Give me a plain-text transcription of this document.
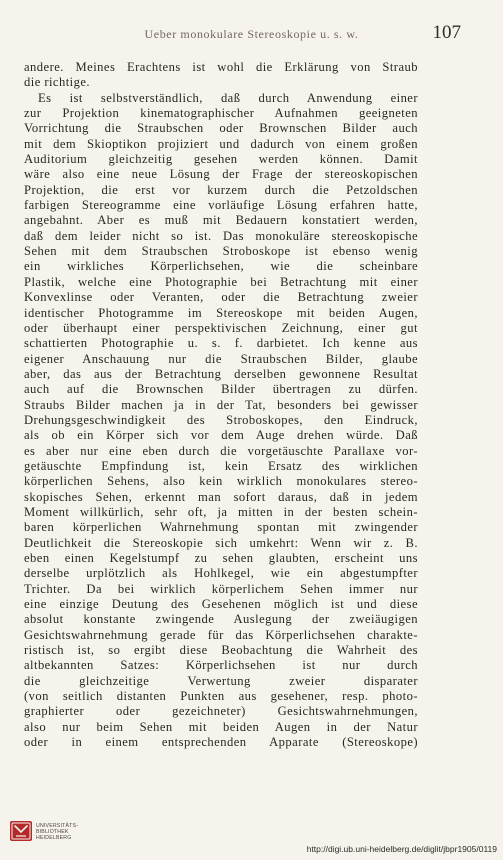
Ueber monokulare Stereoskopie u. s. w.	107
andere. Meines Erachtens ist wohl die Erklärung von Straub
die richtige.
Es ist selbstverständlich, daß durch Anwendung einer
zur Projektion kinematographischer Aufnahmen geeigneten
Vorrichtung die Straubschen oder Brownschen Bilder auch
mit dem Skioptikon projiziert und dadurch von einem großen
Auditorium gleichzeitig gesehen werden können. Damit
wäre also eine neue Lösung der Frage der stereoskopischen
Projektion, die erst vor kurzem durch die Petzoldschen
farbigen Stereogramme eine vorläufige Lösung erfahren hatte,
angebahnt. Aber es muß mit Bedauern konstatiert werden,
daß dem leider nicht so ist. Das monokuläre stereoskopische
Sehen mit dem Straubschen Stroboskope ist ebenso wenig
ein wirkliches Körperlichsehen, wie die scheinbare
Plastik, welche eine Photographie bei Betrachtung mit einer
Konvexlinse oder Veranten, oder die Betrachtung zweier
identischer Photogramme im Stereoskope mit beiden Augen,
oder überhaupt einer perspektivischen Zeichnung, einer gut
schattierten Photographie u. s. f. darbietet. Ich kenne aus
eigener Anschauung nur die Straubschen Bilder, glaube
aber, das aus der Betrachtung derselben gewonnene Resultat
auch auf die Brownschen Bilder übertragen zu dürfen.
Straubs Bilder machen ja in der Tat, besonders bei gewisser
Drehungsgeschwindigkeit des Stroboskopes, den Eindruck,
als ob ein Körper sich vor dem Auge drehen würde. Daß
es aber nur eine eben durch die vorgetäuschte Parallaxe vor-
getäuschte Empfindung ist, kein Ersatz des wirklichen
körperlichen Sehens, also kein wirklich monokulares stereo-
skopisches Sehen, erkennt man sofort daraus, daß in jedem
Moment willkürlich, sehr oft, ja mitten in der besten schein-
baren körperlichen Wahrnehmung spontan mit zwingender
Deutlichkeit die Stereoskopie sich umkehrt: Wenn wir z. B.
eben einen Kegelstumpf zu sehen glaubten, erscheint uns
derselbe urplötzlich als Hohlkegel, wie ein abgestumpfter
Trichter. Da bei wirklich körperlichem Sehen immer nur
eine einzige Deutung des Gesehenen möglich ist und diese
absolut konstante zwingende Auslegung der zweiäugigen
Gesichtswahrnehmung gerade für das Körperlichsehen charakte-
ristisch ist, so ergibt diese Beobachtung die Wahrheit des
altbekannten Satzes: Körperlichsehen ist nur durch
die gleichzeitige Verwertung zweier disparater
(von seitlich distanten Punkten aus gesehener, resp. photo-
graphierter oder gezeichneter) Gesichtswahrnehmungen,
also nur beim Sehen mit beiden Augen in der Natur
oder in einem entsprechenden Apparate (Stereoskope)
UNIVERSITÄTS-
BIBLIOTHEK
HEIDELBERG
http://digi.ub.uni-heidelberg.de/diglit/jbpr1905/0119
